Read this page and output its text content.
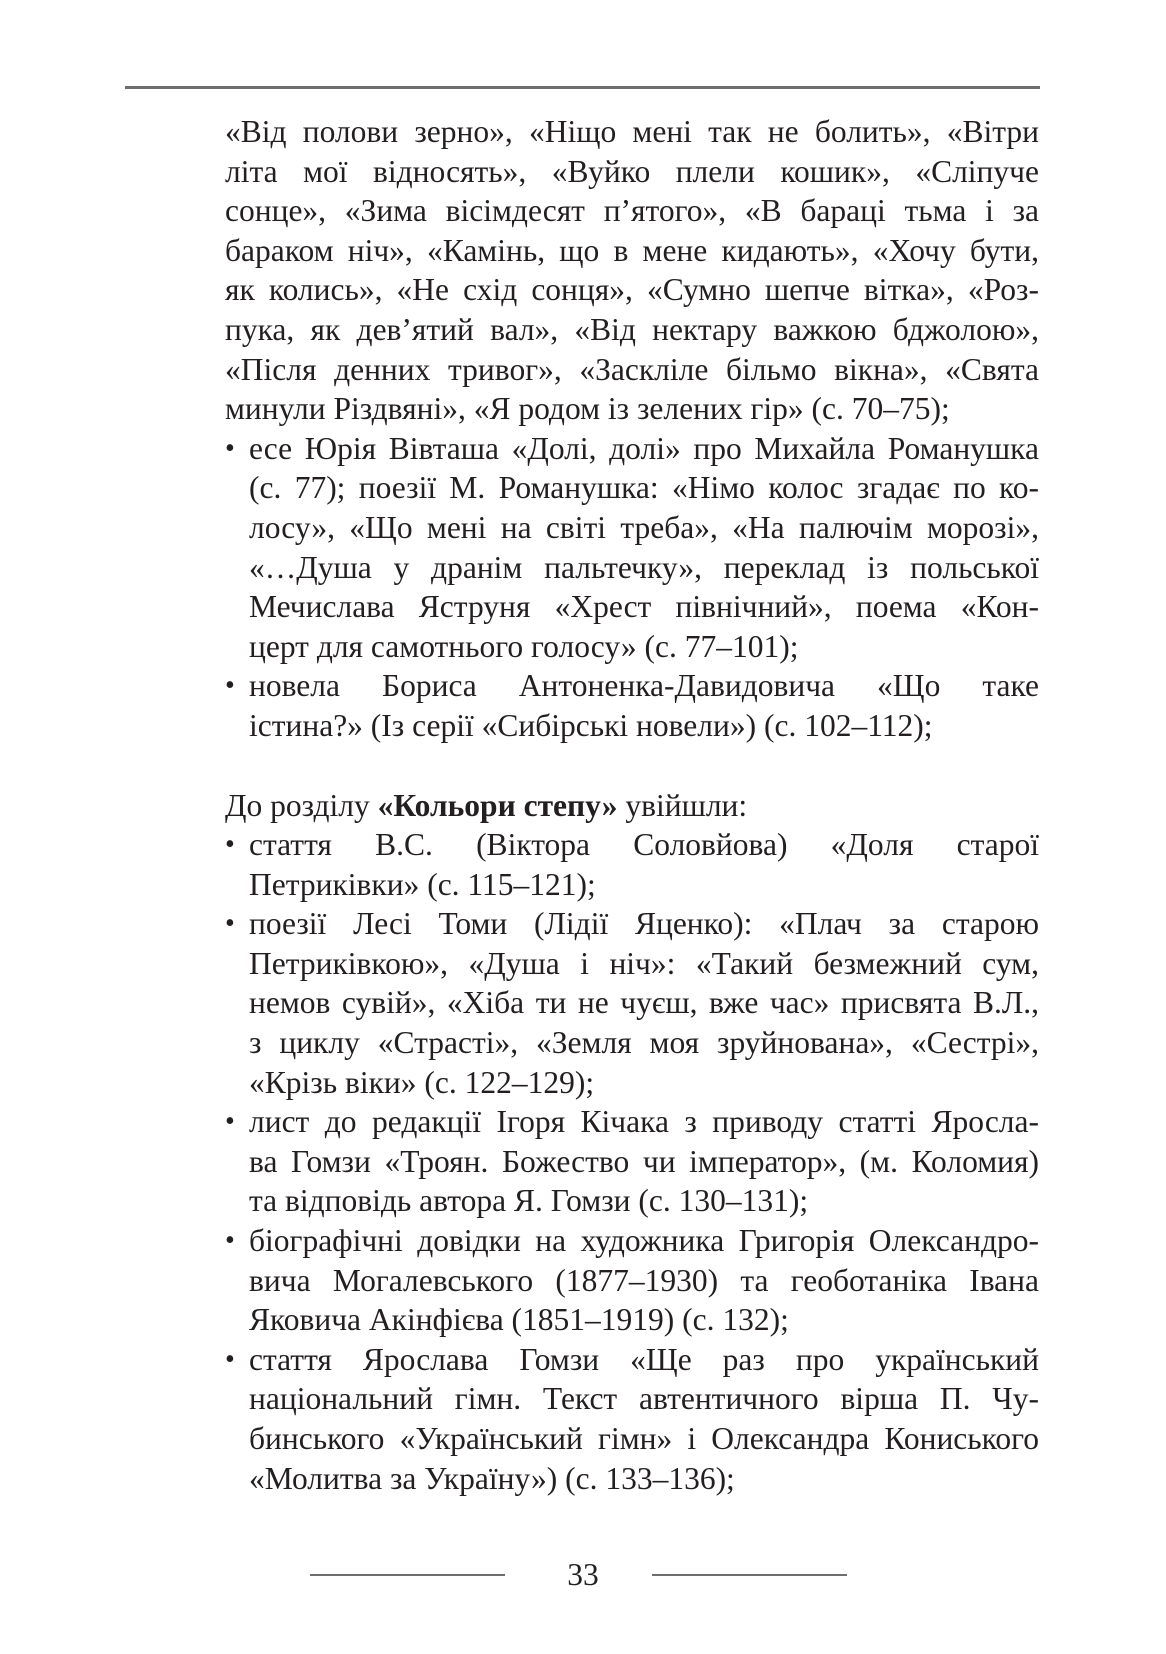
«Від полови зерно», «Ніщо мені так не болить», «Вітри
літа мої відносять», «Вуйко плели кошик», «Сліпуче
сонце», «Зима вісімдесят п’ятого», «В бараці тьма і за
бараком ніч», «Камінь, що в мене кидають», «Хочу бути,
як колись», «Не схід сонця», «Сумно шепче вітка», «Роз-
пука, як дев’ятий вал», «Від нектару важкою бджолою»,
«Після денних тривог», «Заскліле більмо вікна», «Свята
минули Різдвяні», «Я родом із зелених гір» (с. 70–75);
• есе Юрія Вівташа «Долі, долі» про Михайла Романушка
(с. 77); поезії М. Романушка: «Німо колос згадає по ко-
лосу», «Що мені на світі треба», «На палючім морозі»,
«…Душа у дранім пальтечку», переклад із польської
Мечислава Яструня «Хрест північний», поема «Кон-
церт для самотнього голосу» (с. 77–101);
• новела Бориса Антоненка-Давидовича «Що таке
істина?» (Із серії «Сибірські новели») (с. 102–112);
До розділу «Кольори степу» увійшли:
• стаття В.С. (Віктора Соловйова) «Доля старої
Петриківки» (с. 115–121);
• поезії Лесі Томи (Лідії Яценко): «Плач за старою
Петриківкою», «Душа і ніч»: «Такий безмежний сум,
немов сувій», «Хіба ти не чуєш, вже час» присвята В.Л.,
з циклу «Страсті», «Земля моя зруйнована», «Сестрі»,
«Крізь віки» (с. 122–129);
• лист до редакції Ігоря Кічака з приводу статті Яросла-
ва Гомзи «Троян. Божество чи імператор», (м. Коломия)
та відповідь автора Я. Гомзи (с. 130–131);
• біографічні довідки на художника Григорія Олександро-
вича Могалевського (1877–1930) та геоботаніка Івана
Яковича Акінфієва (1851–1919) (с. 132);
• стаття Ярослава Гомзи «Ще раз про український
національний гімн. Текст автентичного вірша П. Чу-
бинського «Український гімн» і Олександра Кониського
«Молитва за Україну») (с. 133–136);
33
